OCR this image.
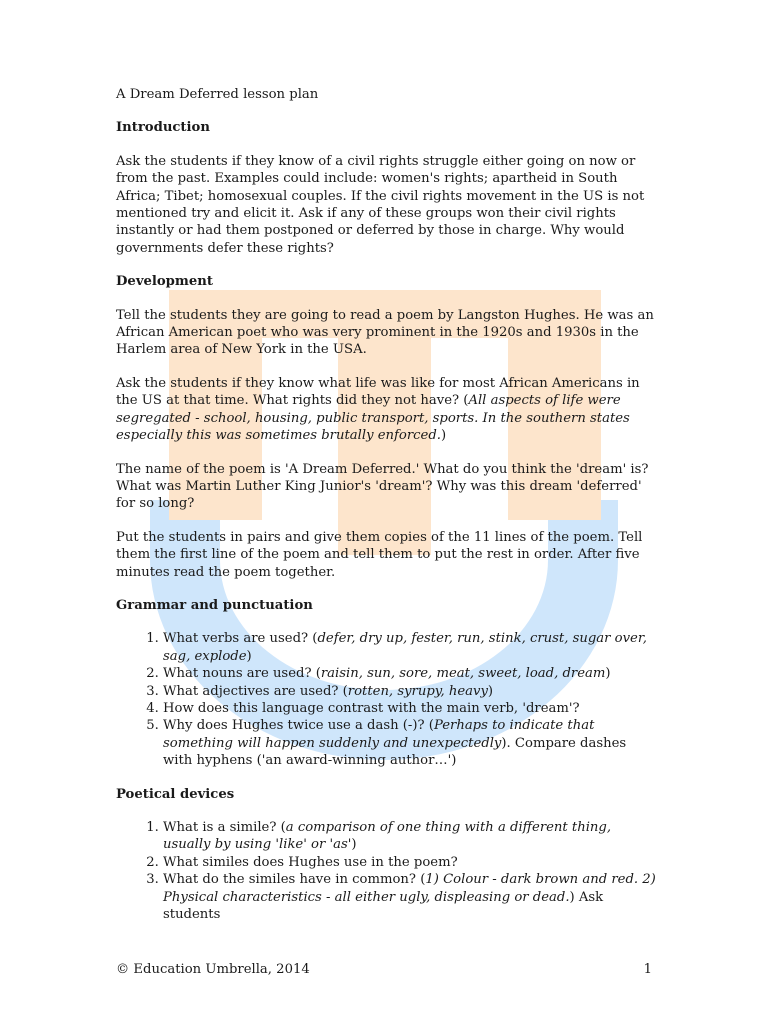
A Dream Deferred lesson plan
Introduction

Ask the students if they know of a civil rights struggle either going on now or from the past. Examples could include: women's rights; apartheid in South Africa; Tibet; homosexual couples. If the civil rights movement in the US is not mentioned try and elicit it. Ask if any of these groups won their civil rights instantly or had them postponed or deferred by those in charge. Why would governments defer these rights?

Development

Tell the students they are going to read a poem by Langston Hughes. He was an African American poet who was very prominent in the 1920s and 1930s in the Harlem area of New York in the USA.

Ask the students if they know what life was like for most African Americans in the US at that time. What rights did they not have? (All aspects of life were segregated - school, housing, public transport, sports. In the southern states especially this was sometimes brutally enforced.)

The name of the poem is 'A Dream Deferred.' What do you think the 'dream' is? What was Martin Luther King Junior's 'dream'? Why was this dream 'deferred' for so long?

Put the students in pairs and give them copies of the 11 lines of the poem. Tell them the first line of the poem and tell them to put the rest in order. After five minutes read the poem together.

Grammar and punctuation
1. What verbs are used? (defer, dry up, fester, run, stink, crust, sugar over, sag, explode)
2. What nouns are used? (raisin, sun, sore, meat, sweet, load, dream)
3. What adjectives are used? (rotten, syrupy, heavy)
4. How does this language contrast with the main verb, 'dream'?
5. Why does Hughes twice use a dash (-)? (Perhaps to indicate that something will happen suddenly and unexpectedly). Compare dashes with hyphens ('an award-winning author…')
Poetical devices
1. What is a simile? (a comparison of one thing with a different thing, usually by using 'like' or 'as')
2. What similes does Hughes use in the poem?
3. What do the similes have in common? (1) Colour - dark brown and red. 2) Physical characteristics - all either ugly, displeasing or dead.) Ask students
© Education Umbrella, 2014	1
